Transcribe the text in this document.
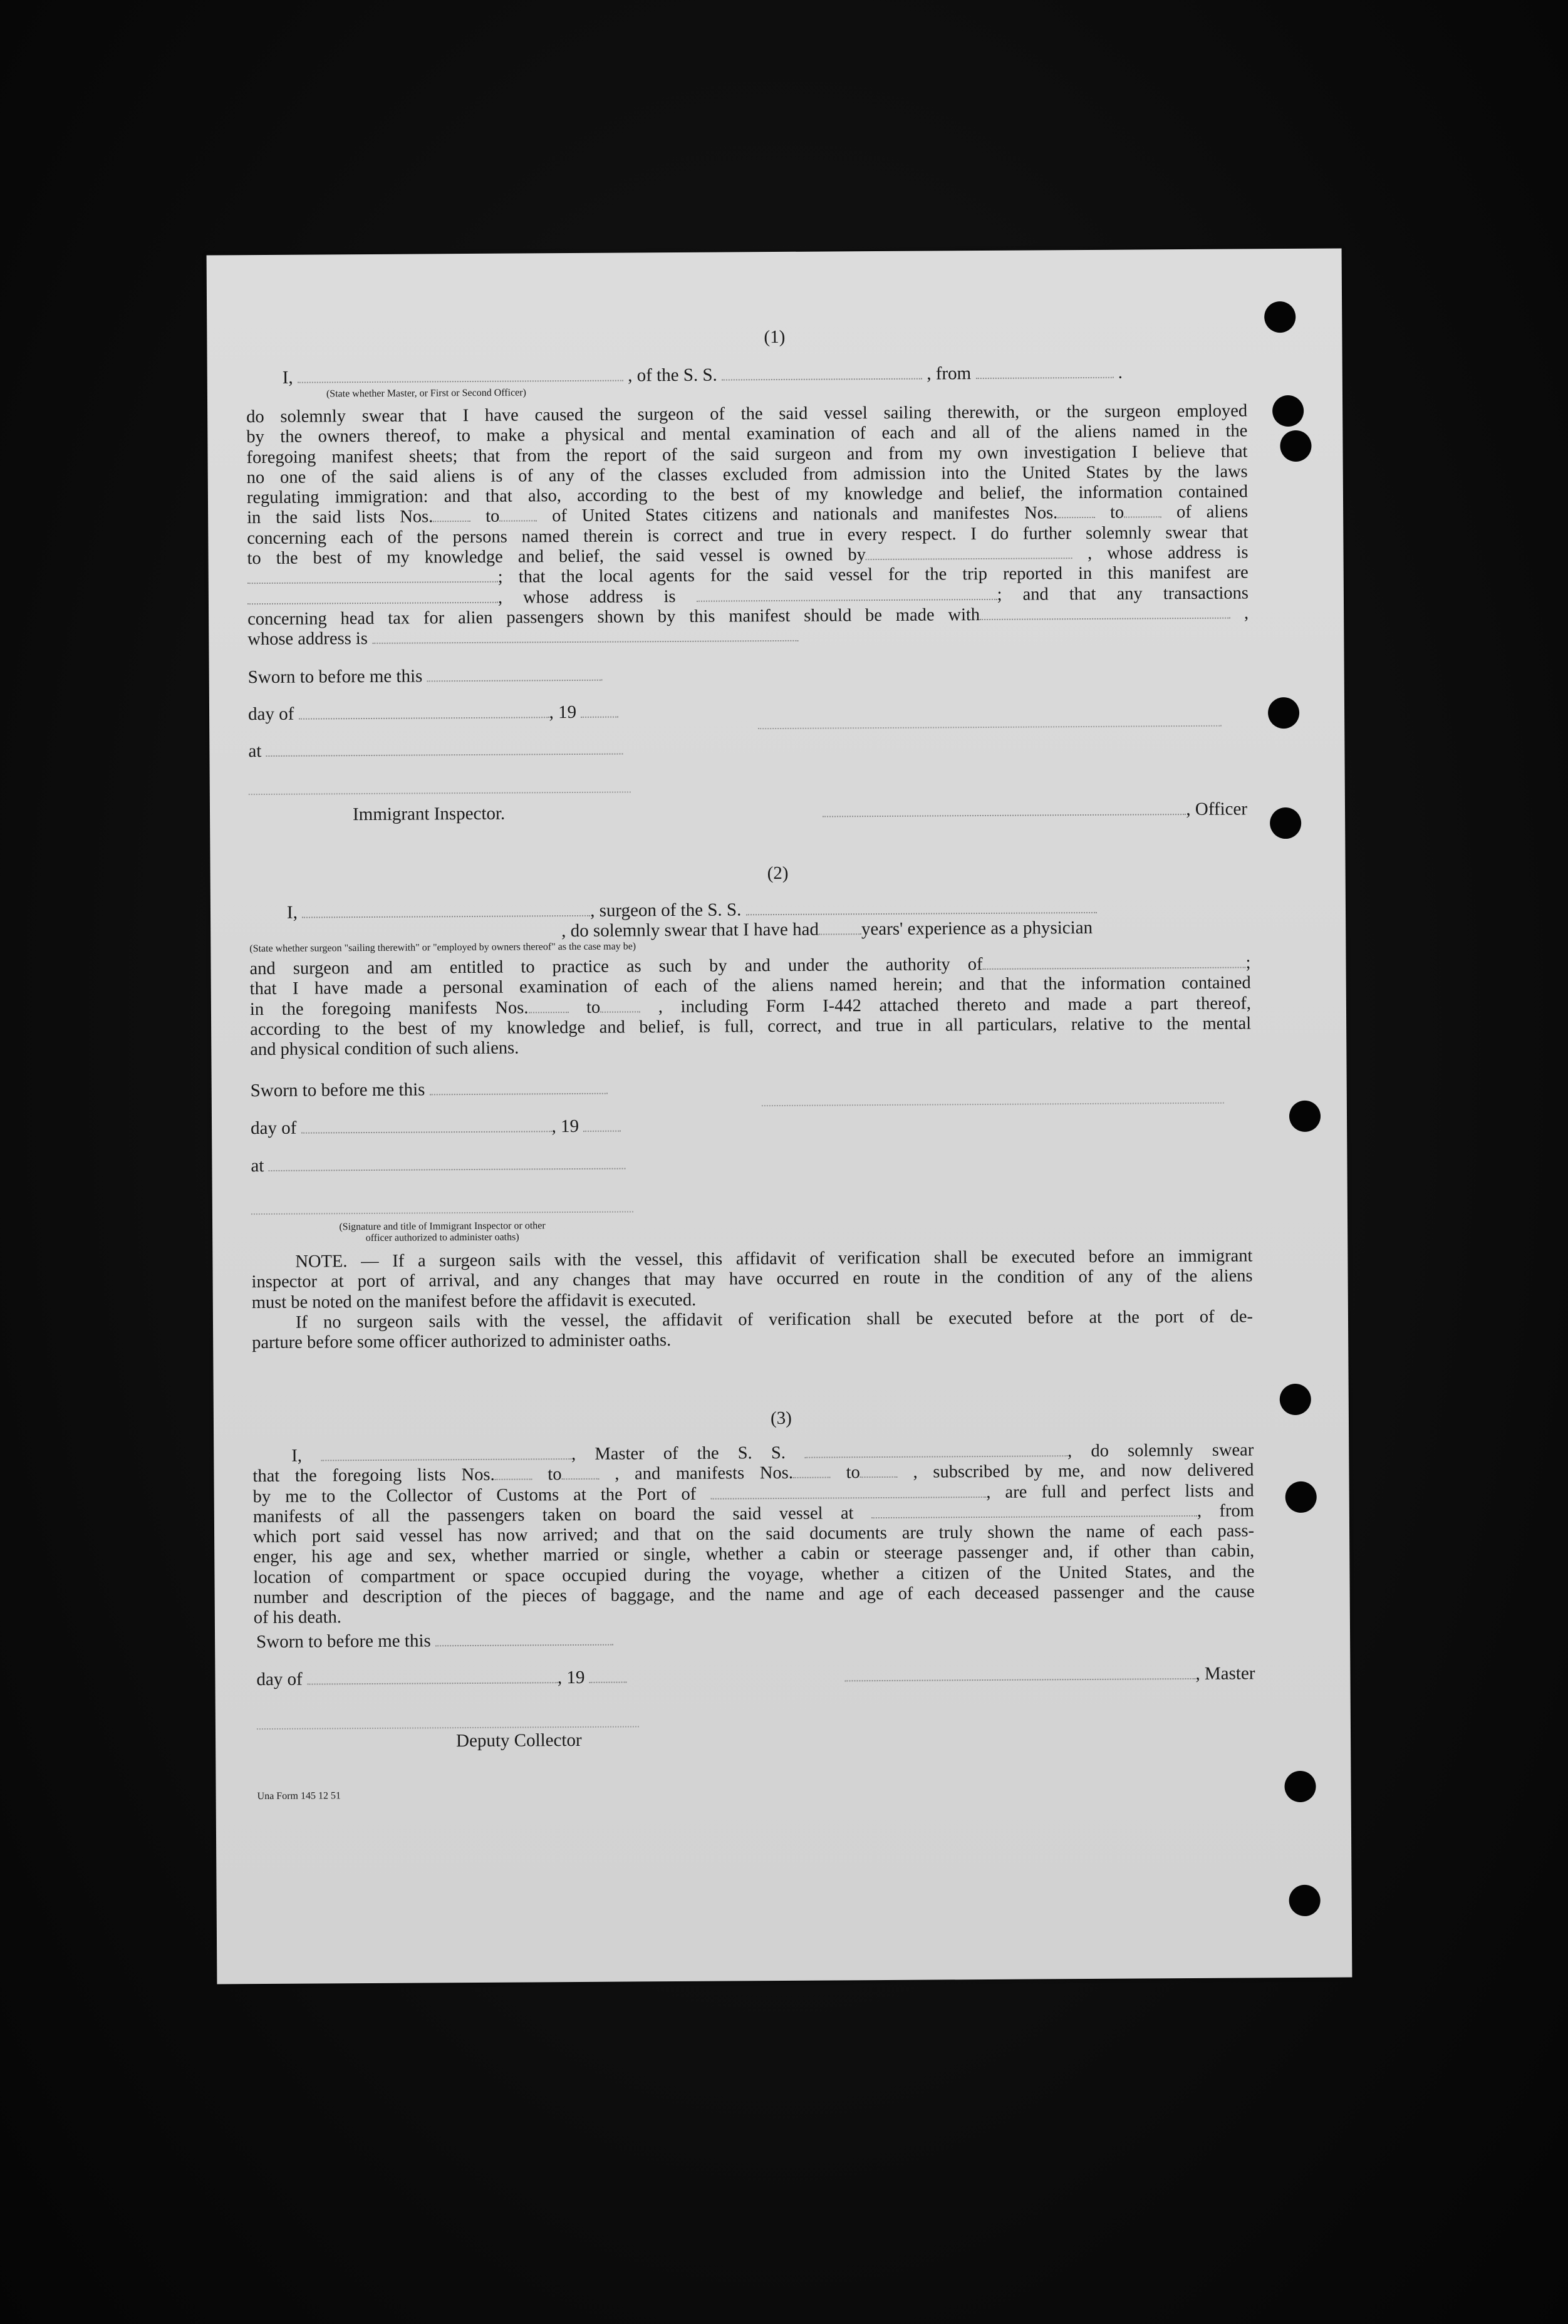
(1)
I,	, of the S. S.	, from	.
(State whether Master, or First or Second Officer)
do solemnly swear that I have caused the surgeon of the said vessel sailing therewith, or the surgeon employed
by the owners thereof, to make a physical and mental examination of each and all of the aliens named in the
foregoing manifest sheets; that from the report of the said surgeon and from my own investigation I believe that
no one of the said aliens is of any of the classes excluded from admission into the United States by the laws
regulating immigration: and that also, according to the best of my knowledge and belief, the information contained
in the said lists Nos.	to	of United States citizens and nationals and manifestes Nos.	to	of aliens
concerning each of the persons named therein is correct and true in every respect. I do further solemnly swear that
to the best of my knowledge and belief, the said vessel is owned by	, whose address is
; that the local agents for the said vessel for the trip reported in this manifest are
, whose address is	; and that any transactions
concerning head tax for alien passengers shown by this manifest should be made with	,
whose address is
Sworn to before me this
day of	, 19
at
Immigrant Inspector.	, Officer
(2)
I,	, surgeon of the S. S.
, do solemnly swear that I have had years' experience as a physician
(State whether surgeon "sailing therewith" or "employed by owners thereof" as the case may be)
and surgeon and am entitled to practice as such by and under the authority of	;
that I have made a personal examination of each of the aliens named herein; and that the information contained
in the foregoing manifests Nos.	to	, including Form I-442 attached thereto and made a part thereof,
according to the best of my knowledge and belief, is full, correct, and true in all particulars, relative to the mental
and physical condition of such aliens.
Sworn to before me this
day of	, 19
at
(Signature and title of Immigrant Inspector or other
officer authorized to administer oaths)
NOTE. — If a surgeon sails with the vessel, this affidavit of verification shall be executed before an immigrant
inspector at port of arrival, and any changes that may have occurred en route in the condition of any of the aliens
must be noted on the manifest before the affidavit is executed.
If no surgeon sails with the vessel, the affidavit of verification shall be executed before at the port of de-
parture before some officer authorized to administer oaths.
(3)
I,	, Master of the S. S.	, do solemnly swear
that the foregoing lists Nos.	to	, and manifests Nos.	to	, subscribed by me, and now delivered
by me to the Collector of Customs at the Port of	, are full and perfect lists and
manifests of all the passengers taken on board the said vessel at	, from
which port said vessel has now arrived; and that on the said documents are truly shown the name of each pass-
enger, his age and sex, whether married or single, whether a cabin or steerage passenger and, if other than cabin,
location of compartment or space occupied during the voyage, whether a citizen of the United States, and the
number and description of the pieces of baggage, and the name and age of each deceased passenger and the cause
of his death.
Sworn to before me this
day of	, 19	, Master
Deputy Collector
Una Form 145 12 51
